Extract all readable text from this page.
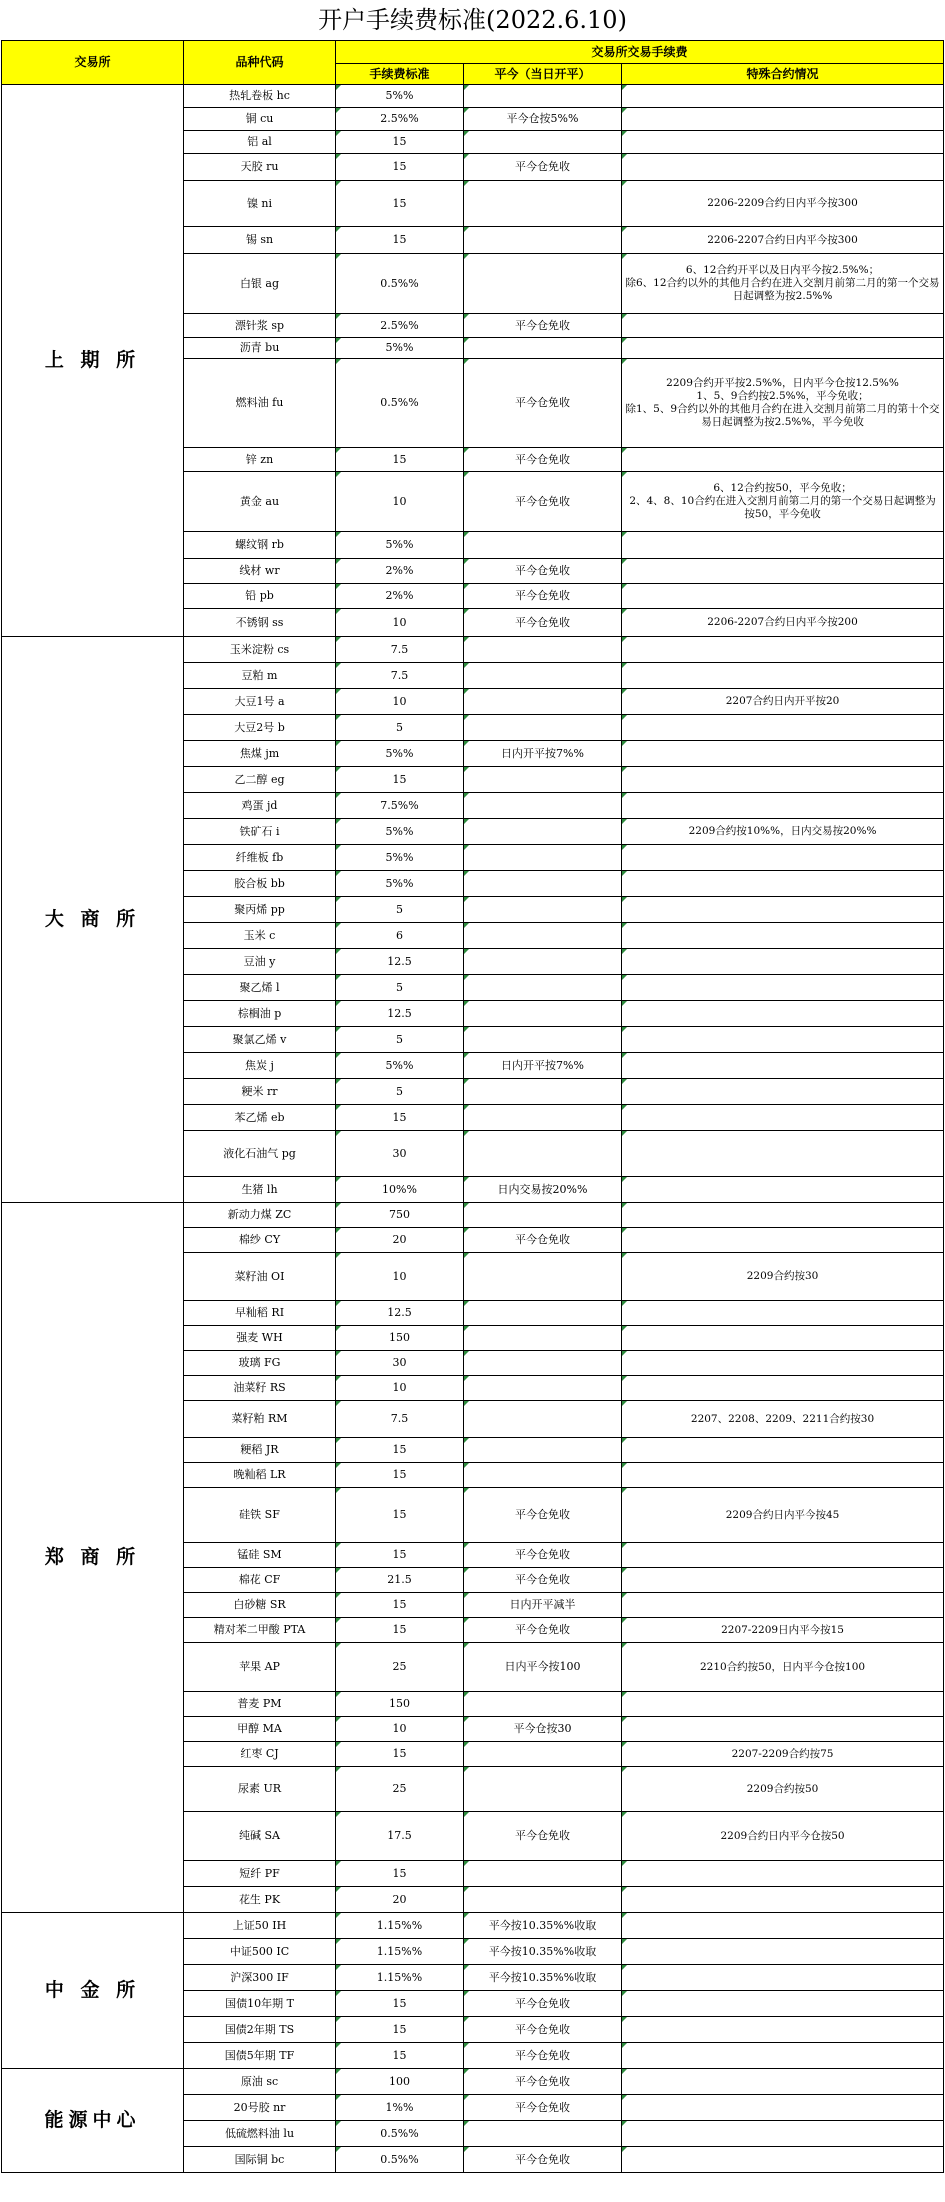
开户手续费标准(2022.6.10)
交易所	品种代码	交易所交易手续费		
		手续费标准	平今（当日开平）	特殊合约情况
上 期 所	热轧卷板 hc	5%%

	铜 cu	2.5%%	平今仓按5%%

	铝 al	15

	天胶 ru	15	平今仓免收

	镍 ni	15		2206-2209合约日内平今按300

	锡 sn	15		2206-2207合约日内平今按300

	白银 ag	0.5%%		6、12合约开平以及日内平今按2.5%%；
除6、12合约以外的其他月合约在进入交割月前第二月的第一个交易日起调整为按2.5%%

	漂针浆 sp	2.5%%	平今仓免收

	沥青 bu	5%%

	燃料油 fu	0.5%%	平今仓免收	2209合约开平按2.5%%，日内平今仓按12.5%%
1、5、9合约按2.5%%，平今免收；
除1、5、9合约以外的其他月合约在进入交割月前第二月的第十个交易日起调整为按2.5%%，平今免收

	锌 zn	15	平今仓免收

	黄金 au	10	平今仓免收	6、12合约按50，平今免收；
2、4、8、10合约在进入交割月前第二月的第一个交易日起调整为按50，平今免收

	螺纹钢 rb	5%%

	线材 wr	2%%	平今仓免收

	铅 pb	2%%	平今仓免收

	不锈钢 ss	10	平今仓免收	2206-2207合约日内平今按200

大 商 所	玉米淀粉 cs	7.5

	豆粕 m	7.5

	大豆1号 a	10		2207合约日内开平按20

	大豆2号 b	5

	焦煤 jm	5%%	日内开平按7%%

	乙二醇 eg	15

	鸡蛋 jd	7.5%%

	铁矿石 i	5%%		2209合约按10%%，日内交易按20%%

	纤维板 fb	5%%

	胶合板 bb	5%%

	聚丙烯 pp	5

	玉米 c	6

	豆油 y	12.5

	聚乙烯 l	5

	棕榈油 p	12.5

	聚氯乙烯 v	5

	焦炭 j	5%%	日内开平按7%%

	粳米 rr	5

	苯乙烯 eb	15

	液化石油气 pg	30

	生猪 lh	10%%	日内交易按20%%

郑 商 所	新动力煤 ZC	750

	棉纱 CY	20	平今仓免收

	菜籽油 OI	10		2209合约按30

	早籼稻 RI	12.5

	强麦 WH	150

	玻璃 FG	30

	油菜籽 RS	10

	菜籽粕 RM	7.5		2207、2208、2209、2211合约按30

	粳稻 JR	15

	晚籼稻 LR	15

	硅铁 SF	15	平今仓免收	2209合约日内平今按45

	锰硅 SM	15	平今仓免收

	棉花 CF	21.5	平今仓免收

	白砂糖 SR	15	日内开平减半

	精对苯二甲酸 PTA	15	平今仓免收	2207-2209日内平今按15

	苹果 AP	25	日内平今按100	2210合约按50，日内平今仓按100

	普麦 PM	150

	甲醇 MA	10	平今仓按30

	红枣 CJ	15		2207-2209合约按75

	尿素 UR	25		2209合约按50

	纯碱 SA	17.5	平今仓免收	2209合约日内平今仓按50

	短纤 PF	15

	花生 PK	20

中 金 所	上证50 IH	1.15%%	平今按10.35%%收取

	中证500 IC	1.15%%	平今按10.35%%收取

	沪深300 IF	1.15%%	平今按10.35%%收取

	国债10年期 T	15	平今仓免收

	国债2年期 TS	15	平今仓免收

	国债5年期 TF	15	平今仓免收

能源中心	原油 sc	100	平今仓免收

	20号胶 nr	1%%	平今仓免收

	低硫燃料油 lu	0.5%%

	国际铜 bc	0.5%%	平今仓免收
